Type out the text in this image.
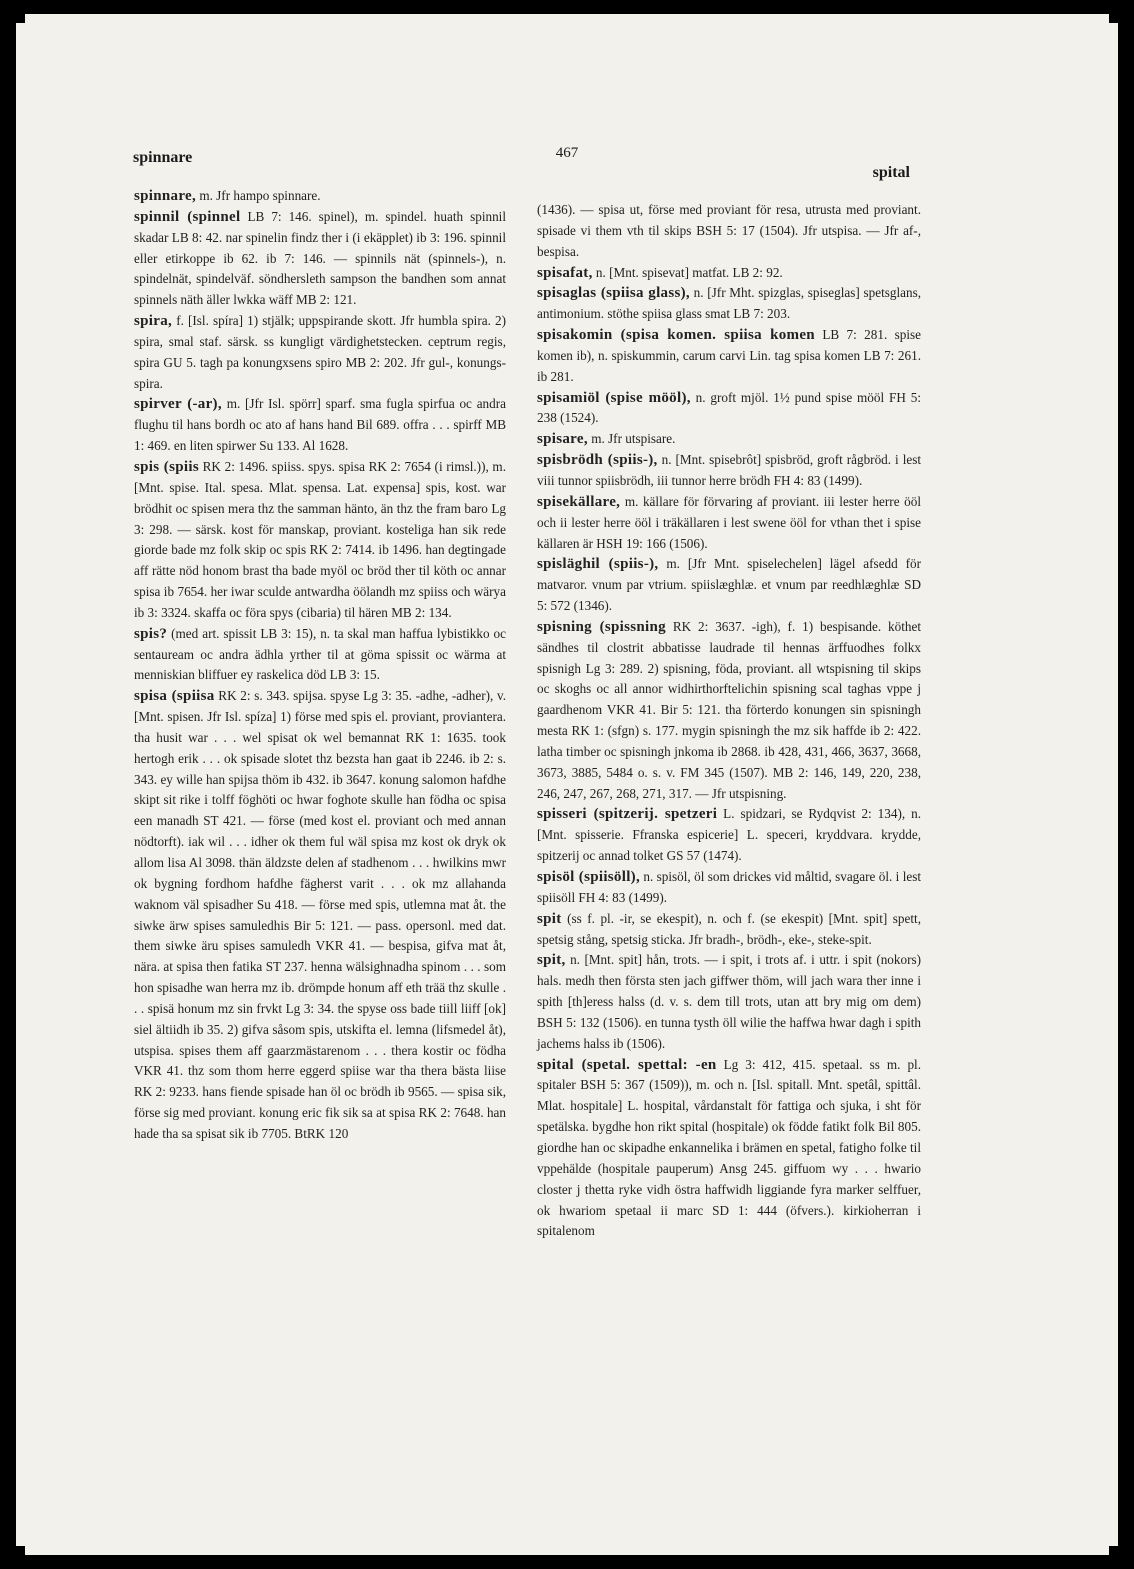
spinnare	467
spital
spinnare, m. Jfr hampo spinnare.
spinnil (spinnel LB 7: 146. spinel), m. spindel. huath spinnil skadar LB 8: 42. nar spinelin findz ther i (i ekäpplet) ib 3: 196. spinnil eller etirkoppe ib 62. ib 7: 146. — spinnils nät (spinnels-), n. spindelnät, spindelväf. söndhersleth sampson the bandhen som annat spinnels näth äller lwkka wäff MB 2: 121.
spira, f. [Isl. spíra] 1) stjälk; uppspirande skott. Jfr humbla spira. 2) spira, smal staf. särsk. ss kungligt värdighetstecken. ceptrum regis, spira GU 5. tagh pa konungxsens spiro MB 2: 202. Jfr gul-, konungs-spira.
spirver (-ar), m. [Jfr Isl. spörr] sparf. sma fugla spirfua oc andra flughu til hans bordh oc ato af hans hand Bil 689. offra . . . spirff MB 1: 469. en liten spirwer Su 133. Al 1628.
spis (spiis RK 2: 1496. spiiss. spys. spisa RK 2: 7654 (i rimsl.)), m. [Mnt. spise. Ital. spesa. Mlat. spensa. Lat. expensa] spis, kost. war brödhit oc spisen mera thz the samman hänto, än thz the fram baro Lg 3: 298. — särsk. kost för manskap, proviant. kosteliga han sik rede giorde bade mz folk skip oc spis RK 2: 7414. ib 1496. han degtingade aff rätte nöd honom brast tha bade myöl oc bröd ther til köth oc annar spisa ib 7654. her iwar sculde antwardha öölandh mz spiiss och wärya ib 3: 3324. skaffa oc föra spys (cibaria) til hären MB 2: 134.
spis? (med art. spissit LB 3: 15), n. ta skal man haffua lybistikko oc sentauream oc andra ädhla yrther til at göma spissit oc wärma at menniskian bliffuer ey raskelica död LB 3: 15.
spisa (spiisa RK 2: s. 343. spijsa. spyse Lg 3: 35. -adhe, -adher), v. [Mnt. spisen. Jfr Isl. spíza] 1) förse med spis el. proviant, proviantera. tha husit war . . . wel spisat ok wel bemannat RK 1: 1635. took hertogh erik . . . ok spisade slotet thz bezsta han gaat ib 2246. ib 2: s. 343. ey wille han spijsa thöm ib 432. ib 3647. konung salomon hafdhe skipt sit rike i tolff föghöti oc hwar foghote skulle han födha oc spisa een manadh ST 421. — förse (med kost el. proviant och med annan nödtorft). iak wil . . . idher ok them ful wäl spisa mz kost ok dryk ok allom lisa Al 3098. thän äldzste delen af stadhenom . . . hwilkins mwr ok bygning fordhom hafdhe fägherst varit . . . ok mz allahanda waknom väl spisadher Su 418. — förse med spis, utlemna mat åt. the siwke ärw spises samuledhis Bir 5: 121. — pass. opersonl. med dat. them siwke äru spises samuledh VKR 41. — bespisa, gifva mat åt, nära. at spisa then fatika ST 237. henna wälsighnadha spinom . . . som hon spisadhe wan herra mz ib. drömpde honum aff eth trää thz skulle . . . spisä honum mz sin frvkt Lg 3: 34. the spyse oss bade tiill liiff [ok] siel ältiidh ib 35. 2) gifva såsom spis, utskifta el. lemna (lifsmedel åt), utspisa. spises them aff gaarzmästarenom . . . thera kostir oc födha VKR 41. thz som thom herre eggerd spiise war tha thera bästa liise RK 2: 9233. hans fiende spisade han öl oc brödh ib 9565. — spisa sik, förse sig med proviant. konung eric fik sik sa at spisa RK 2: 7648. han hade tha sa spisat sik ib 7705. BtRK 120
(1436). — spisa ut, förse med proviant för resa, utrusta med proviant. spisade vi them vth til skips BSH 5: 17 (1504). Jfr utspisa. — Jfr af-, bespisa.
spisafat, n. [Mnt. spisevat] matfat. LB 2: 92.
spisaglas (spiisa glass), n. [Jfr Mht. spizglas, spiseglas] spetsglans, antimonium. stöthe spiisa glass smat LB 7: 203.
spisakomin (spisa komen. spiisa komen LB 7: 281. spise komen ib), n. spiskummin, carum carvi Lin. tag spisa komen LB 7: 261. ib 281.
spisamiöl (spise mööl), n. groft mjöl. 1½ pund spise mööl FH 5: 238 (1524).
spisare, m. Jfr utspisare.
spisbrödh (spiis-), n. [Mnt. spisebrôt] spisbröd, groft rågbröd. i lest viii tunnor spiisbrödh, iii tunnor herre brödh FH 4: 83 (1499).
spisekällare, m. källare för förvaring af proviant. iii lester herre ööl och ii lester herre ööl i träkällaren i lest swene ööl for vthan thet i spise källaren är HSH 19: 166 (1506).
spisläghil (spiis-), m. [Jfr Mnt. spiselechelen] lägel afsedd för matvaror. vnum par vtrium. spiislæghlæ. et vnum par reedhlæghlæ SD 5: 572 (1346).
spisning (spissning RK 2: 3637. -igh), f. 1) bespisande. köthet sändhes til clostrit abbatisse laudrade til hennas ärffuodhes folkx spisnigh Lg 3: 289. 2) spisning, föda, proviant. all wtspisning til skips oc skoghs oc all annor widhirthorftelichin spisning scal taghas vppe j gaardhenom VKR 41. Bir 5: 121. tha förterdo konungen sin spisningh mesta RK 1: (sfgn) s. 177. mygin spisningh the mz sik haffde ib 2: 422. latha timber oc spisningh jnkoma ib 2868. ib 428, 431, 466, 3637, 3668, 3673, 3885, 5484 o. s. v. FM 345 (1507). MB 2: 146, 149, 220, 238, 246, 247, 267, 268, 271, 317. — Jfr utspisning.
spisseri (spitzerij. spetzeri L. spidzari, se Rydqvist 2: 134), n. [Mnt. spisserie. Ffranska espicerie] L. speceri, kryddvara. krydde, spitzerij oc annad tolket GS 57 (1474).
spisöl (spiisöll), n. spisöl, öl som drickes vid måltid, svagare öl. i lest spiisöll FH 4: 83 (1499).
spit (ss f. pl. -ir, se ekespit), n. och f. (se ekespit) [Mnt. spit] spett, spetsig stång, spetsig sticka. Jfr bradh-, brödh-, eke-, steke-spit.
spit, n. [Mnt. spit] hån, trots. — i spit, i trots af. i uttr. i spit (nokors) hals. medh then första sten jach giffwer thöm, will jach wara ther inne i spith [th]eress halss (d. v. s. dem till trots, utan att bry mig om dem) BSH 5: 132 (1506). en tunna tysth öll wilie the haffwa hwar dagh i spith jachems halss ib (1506).
spital (spetal. spettal: -en Lg 3: 412, 415. spetaal. ss m. pl. spitaler BSH 5: 367 (1509)), m. och n. [Isl. spitall. Mnt. spetâl, spittâl. Mlat. hospitale] L. hospital, vårdanstalt för fattiga och sjuka, i sht för spetälska. bygdhe hon rikt spital (hospitale) ok födde fatikt folk Bil 805. giordhe han oc skipadhe enkannelika i brämen en spetal, fatigho folke til vppehälde (hospitale pauperum) Ansg 245. giffuom wy . . . hwario closter j thetta ryke vidh östra haffwidh liggiande fyra marker selffuer, ok hwariom spetaal ii marc SD 1: 444 (öfvers.). kirkioherran i spitalenom
